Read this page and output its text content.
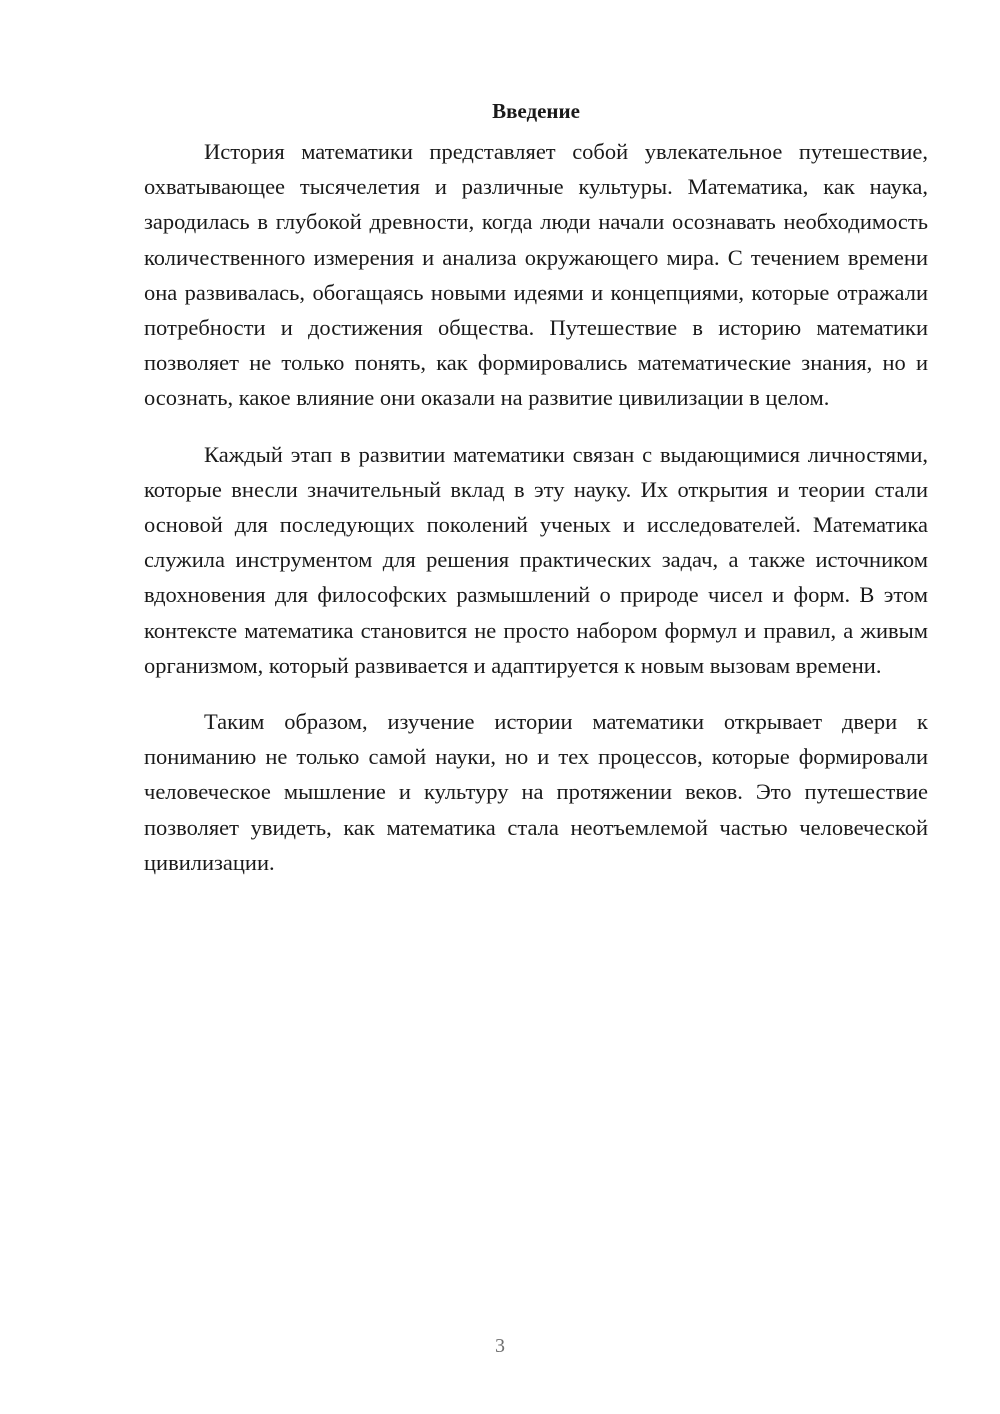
Введение

История математики представляет собой увлекательное путешествие, охватывающее тысячелетия и различные культуры. Математика, как наука, зародилась в глубокой древности, когда люди начали осознавать необходимость количественного измерения и анализа окружающего мира. С течением времени она развивалась, обогащаясь новыми идеями и концепциями, которые отражали потребности и достижения общества. Путешествие в историю математики позволяет не только понять, как формировались математические знания, но и осознать, какое влияние они оказали на развитие цивилизации в целом.

Каждый этап в развитии математики связан с выдающимися личностями, которые внесли значительный вклад в эту науку. Их открытия и теории стали основой для последующих поколений ученых и исследователей. Математика служила инструментом для решения практических задач, а также источником вдохновения для философских размышлений о природе чисел и форм. В этом контексте математика становится не просто набором формул и правил, а живым организмом, который развивается и адаптируется к новым вызовам времени.

Таким образом, изучение истории математики открывает двери к пониманию не только самой науки, но и тех процессов, которые формировали человеческое мышление и культуру на протяжении веков. Это путешествие позволяет увидеть, как математика стала неотъемлемой частью человеческой цивилизации.

3
